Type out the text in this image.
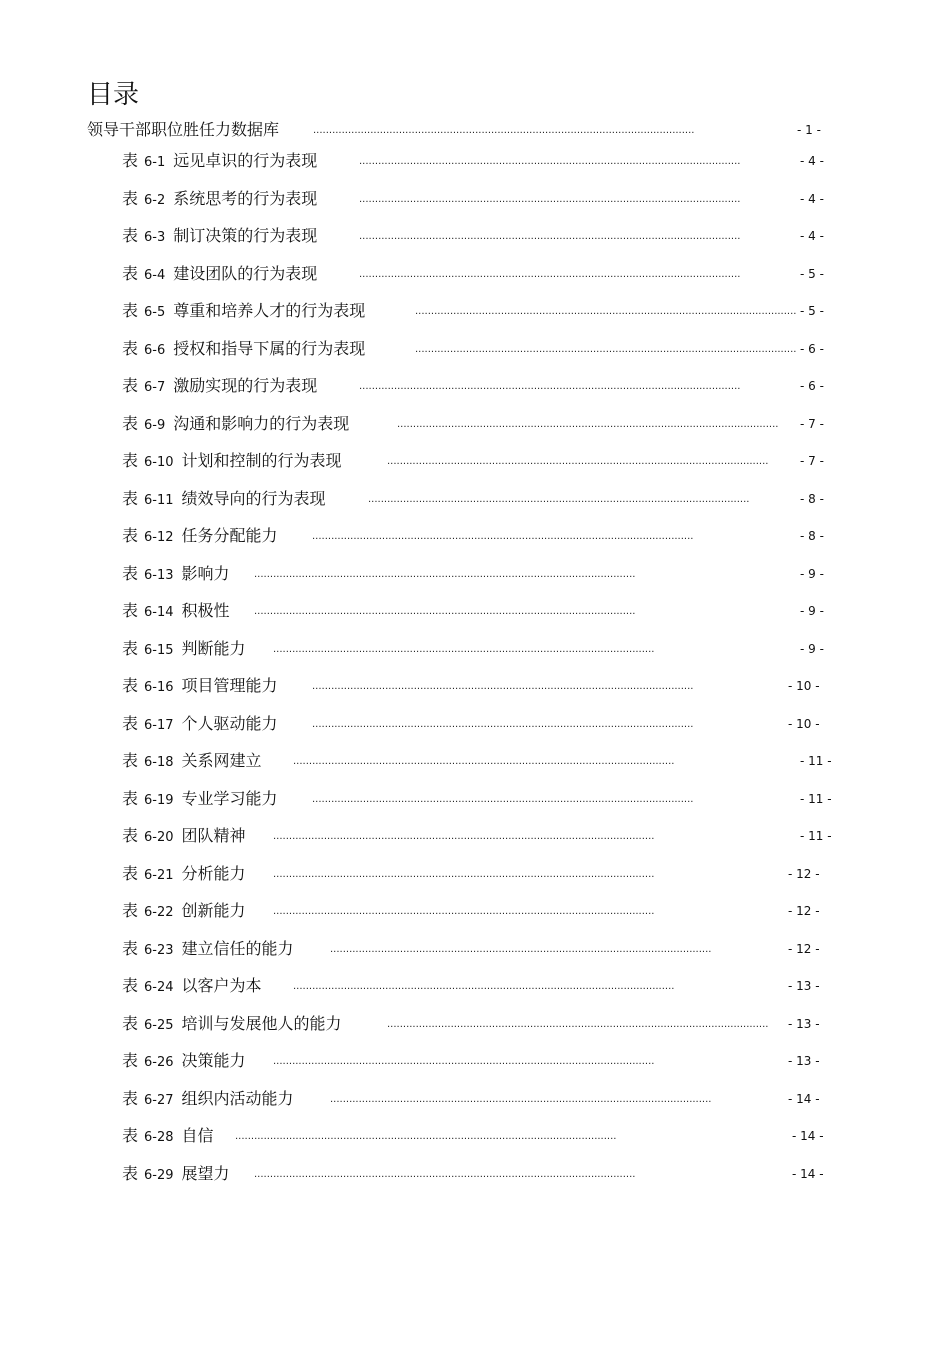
目录
领导干部职位胜任力数据库	........................................................................................................................	- 1 -
表 6-1 远见卓识的行为表现	........................................................................................................................	- 4 -
表 6-2 系统思考的行为表现	........................................................................................................................	- 4 -
表 6-3 制订决策的行为表现	........................................................................................................................	- 4 -
表 6-4 建设团队的行为表现	........................................................................................................................	- 5 -
表 6-5 尊重和培养人才的行为表现	........................................................................................................................ - 5 -
表 6-6 授权和指导下属的行为表现	........................................................................................................................ - 6 -
表 6-7 激励实现的行为表现	........................................................................................................................	- 6 -
表 6-9 沟通和影响力的行为表现	........................................................................................................................ - 7 -
表 6-10 计划和控制的行为表现	........................................................................................................................	- 7 -
表 6-11 绩效导向的行为表现	........................................................................................................................	- 8 -
表 6-12 任务分配能力	........................................................................................................................	- 8 -
表 6-13 影响力 ........................................................................................................................	- 9 -
表 6-14 积极性 ........................................................................................................................	- 9 -
表 6-15 判断能力	........................................................................................................................	- 9 -
表 6-16 项目管理能力	........................................................................................................................	- 10 -
表 6-17 个人驱动能力	........................................................................................................................	- 10 -
表 6-18 关系网建立	........................................................................................................................	- 11 -
表 6-19 专业学习能力	........................................................................................................................	- 11 -
表 6-20 团队精神	........................................................................................................................	- 11 -
表 6-21 分析能力	........................................................................................................................	- 12 -
表 6-22 创新能力	........................................................................................................................	- 12 -
表 6-23 建立信任的能力	........................................................................................................................	- 12 -
表 6-24 以客户为本	........................................................................................................................	- 13 -
表 6-25 培训与发展他人的能力	........................................................................................................................ - 13 -
表 6-26 决策能力	........................................................................................................................	- 13 -
表 6-27 组织内活动能力	........................................................................................................................	- 14 -
表 6-28 自信 ........................................................................................................................	- 14 -
表 6-29 展望力 ........................................................................................................................	- 14 -
